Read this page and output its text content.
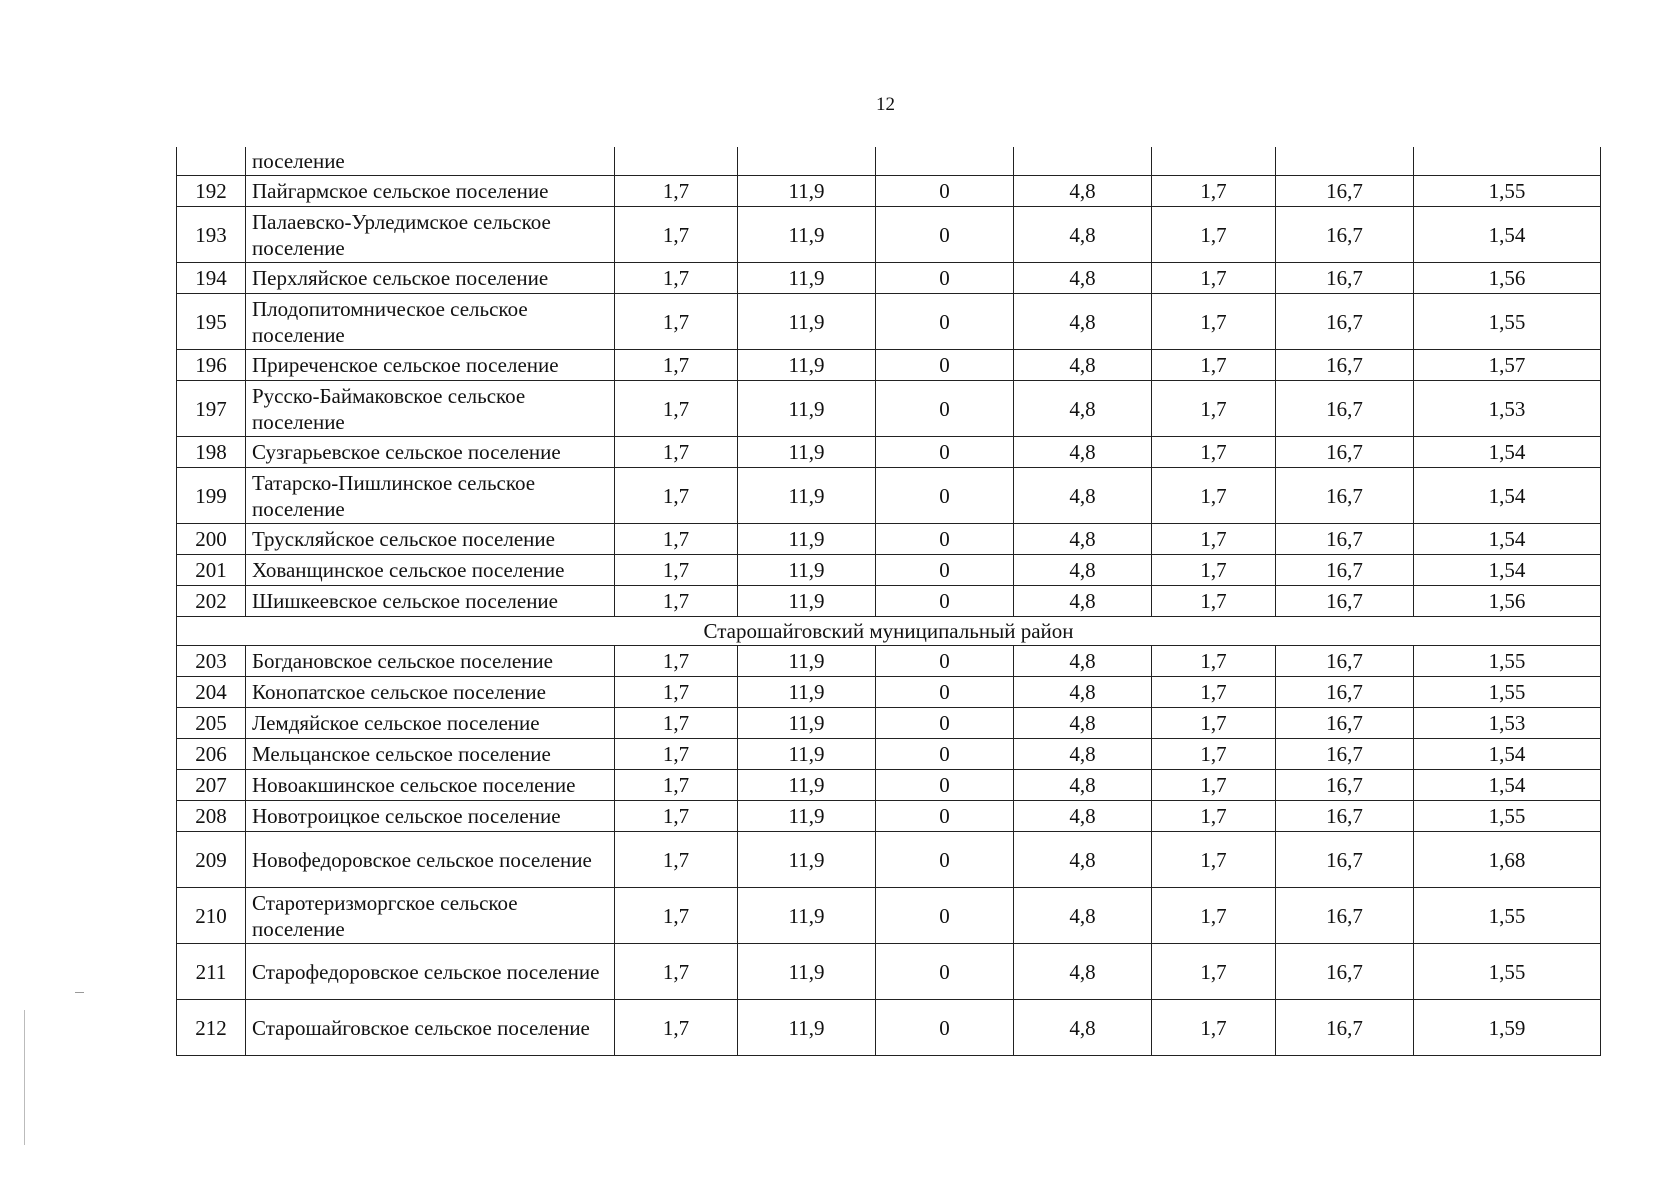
12
	поселение							
192	Пайгармское сельское поселение	1,7	11,9	0	4,8	1,7	16,7	1,55
193	Палаевско-Урледимское сельское поселение	1,7	11,9	0	4,8	1,7	16,7	1,54
194	Перхляйское сельское поселение	1,7	11,9	0	4,8	1,7	16,7	1,56
195	Плодопитомническое сельское поселение	1,7	11,9	0	4,8	1,7	16,7	1,55
196	Приреченское сельское поселение	1,7	11,9	0	4,8	1,7	16,7	1,57
197	Русско-Баймаковское сельское поселение	1,7	11,9	0	4,8	1,7	16,7	1,53
198	Сузгарьевское сельское поселение	1,7	11,9	0	4,8	1,7	16,7	1,54
199	Татарско-Пишлинское сельское поселение	1,7	11,9	0	4,8	1,7	16,7	1,54
200	Трускляйское сельское поселение	1,7	11,9	0	4,8	1,7	16,7	1,54
201	Хованщинское сельское поселение	1,7	11,9	0	4,8	1,7	16,7	1,54
202	Шишкеевское сельское поселение	1,7	11,9	0	4,8	1,7	16,7	1,56
Старошайговский муниципальный район								
203	Богдановское сельское поселение	1,7	11,9	0	4,8	1,7	16,7	1,55
204	Конопатское сельское поселение	1,7	11,9	0	4,8	1,7	16,7	1,55
205	Лемдяйское сельское поселение	1,7	11,9	0	4,8	1,7	16,7	1,53
206	Мельцанское сельское поселение	1,7	11,9	0	4,8	1,7	16,7	1,54
207	Новоакшинское сельское поселение	1,7	11,9	0	4,8	1,7	16,7	1,54
208	Новотроицкое сельское поселение	1,7	11,9	0	4,8	1,7	16,7	1,55
209	Новофедоровское сельское поселение	1,7	11,9	0	4,8	1,7	16,7	1,68
210	Старотеризморгское сельское поселение	1,7	11,9	0	4,8	1,7	16,7	1,55
211	Старофедоровское сельское поселение	1,7	11,9	0	4,8	1,7	16,7	1,55
212	Старошайговское сельское поселение	1,7	11,9	0	4,8	1,7	16,7	1,59
